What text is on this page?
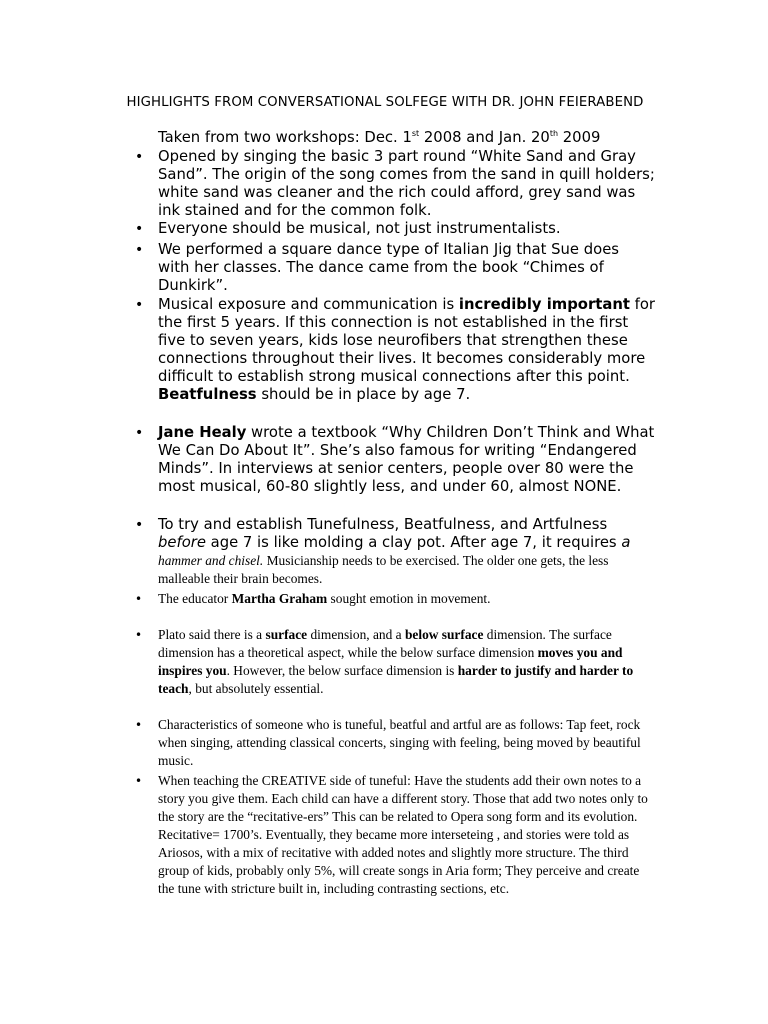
HIGHLIGHTS FROM CONVERSATIONAL SOLFEGE WITH DR. JOHN FEIERABEND
Taken from two workshops: Dec. 1st 2008 and Jan. 20th 2009
• Opened by singing the basic 3 part round “White Sand and Gray Sand”. The origin of the song comes from the sand in quill holders; white sand was cleaner and the rich could afford, grey sand was ink stained and for the common folk.
• Everyone should be musical, not just instrumentalists.
• We performed a square dance type of Italian Jig that Sue does with her classes. The dance came from the book “Chimes of Dunkirk”.
• Musical exposure and communication is incredibly important for the first 5 years. If this connection is not established in the first five to seven years, kids lose neurofibers that strengthen these connections throughout their lives. It becomes considerably more difficult to establish strong musical connections after this point. Beatfulness should be in place by age 7.
• Jane Healy wrote a textbook “Why Children Don’t Think and What We Can Do About It”. She’s also famous for writing “Endangered Minds”. In interviews at senior centers, people over 80 were the most musical, 60-80 slightly less, and under 60, almost NONE.
• To try and establish Tunefulness, Beatfulness, and Artfulness before age 7 is like molding a clay pot. After age 7, it requires a
hammer and chisel. Musicianship needs to be exercised. The older one gets, the less malleable their brain becomes.
• The educator Martha Graham sought emotion in movement.
• Plato said there is a surface dimension, and a below surface dimension. The surface dimension has a theoretical aspect, while the below surface dimension moves you and inspires you. However, the below surface dimension is harder to justify and harder to teach, but absolutely essential.
• Characteristics of someone who is tuneful, beatful and artful are as follows: Tap feet, rock when singing, attending classical concerts, singing with feeling, being moved by beautiful music.
• When teaching the CREATIVE side of tuneful: Have the students add their own notes to a story you give them. Each child can have a different story. Those that add two notes only to the story are the “recitative-ers” This can be related to Opera song form and its evolution. Recitative= 1700’s. Eventually, they became more interseteing , and stories were told as Ariosos, with a mix of recitative with added notes and slightly more structure. The third group of kids, probably only 5%, will create songs in Aria form; They perceive and create the tune with stricture built in, including contrasting sections, etc.
